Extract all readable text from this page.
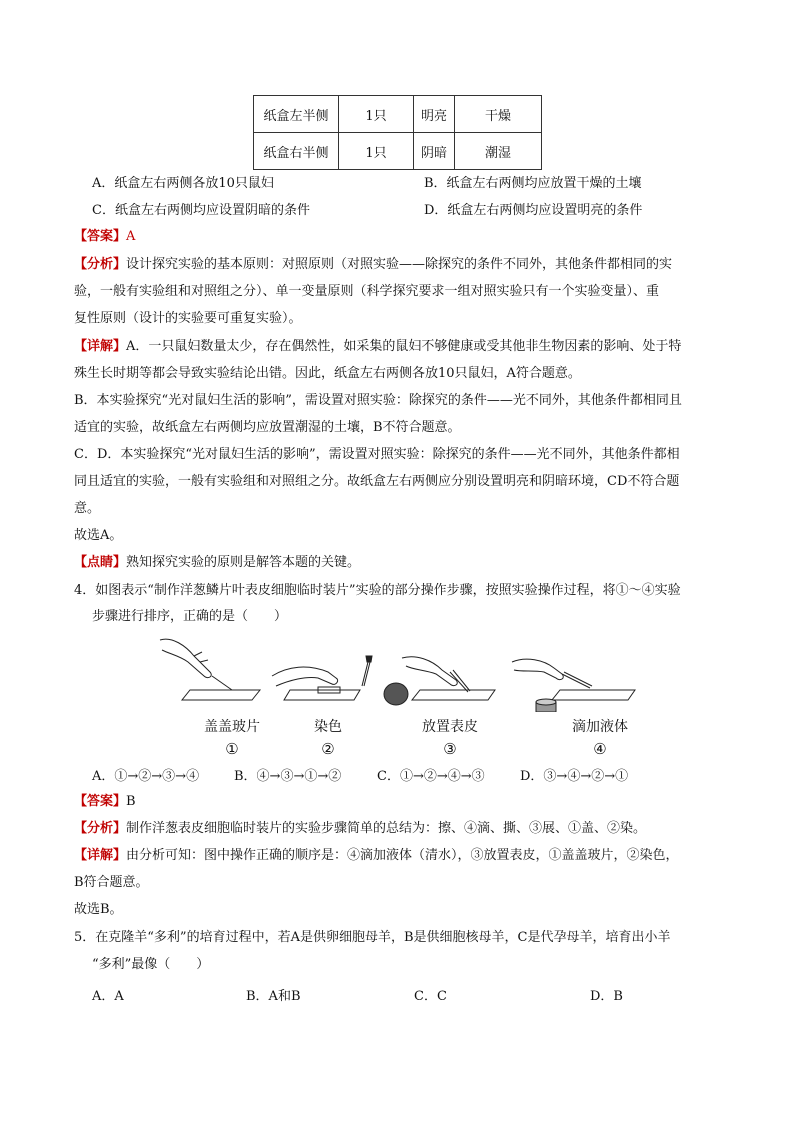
纸盒左半侧	1只	明亮	干燥
纸盒右半侧	1只	阴暗	潮湿
A．纸盒左右两侧各放10只鼠妇	B．纸盒左右两侧均应放置干燥的土壤
C．纸盒左右两侧均应设置阴暗的条件	D．纸盒左右两侧均应设置明亮的条件
【答案】A
【分析】设计探究实验的基本原则：对照原则（对照实验——除探究的条件不同外，其他条件都相同的实
验，一般有实验组和对照组之分）、单一变量原则（科学探究要求一组对照实验只有一个实验变量）、重
复性原则（设计的实验要可重复实验）。
【详解】A．一只鼠妇数量太少，存在偶然性，如采集的鼠妇不够健康或受其他非生物因素的影响、处于特
殊生长时期等都会导致实验结论出错。因此，纸盒左右两侧各放10只鼠妇，A符合题意。
B．本实验探究“光对鼠妇生活的影响”，需设置对照实验：除探究的条件——光不同外，其他条件都相同且
适宜的实验，故纸盒左右两侧均应放置潮湿的土壤，B不符合题意。
C．D．本实验探究“光对鼠妇生活的影响”，需设置对照实验：除探究的条件——光不同外，其他条件都相
同且适宜的实验，一般有实验组和对照组之分。故纸盒左右两侧应分别设置明亮和阴暗环境，CD不符合题
意。
故选A。
【点睛】熟知探究实验的原则是解答本题的关键。
4．如图表示“制作洋葱鳞片叶表皮细胞临时装片”实验的部分操作步骤，按照实验操作过程，将①～④实验
步骤进行排序，正确的是（　　）
盖盖玻片	染色	放置表皮	滴加液体
①	②	③	④
A．①→②→③→④	B．④→③→①→②	C．①→②→④→③	D．③→④→②→①
【答案】B
【分析】制作洋葱表皮细胞临时装片的实验步骤简单的总结为：擦、④滴、撕、③展、①盖、②染。
【详解】由分析可知：图中操作正确的顺序是：④滴加液体（清水），③放置表皮，①盖盖玻片，②染色，
B符合题意。
故选B。
5．在克隆羊“多利”的培育过程中，若A是供卵细胞母羊，B是供细胞核母羊，C是代孕母羊，培育出小羊
“多利”最像（　　）
A．A	B．A和B	C．C	D．B
